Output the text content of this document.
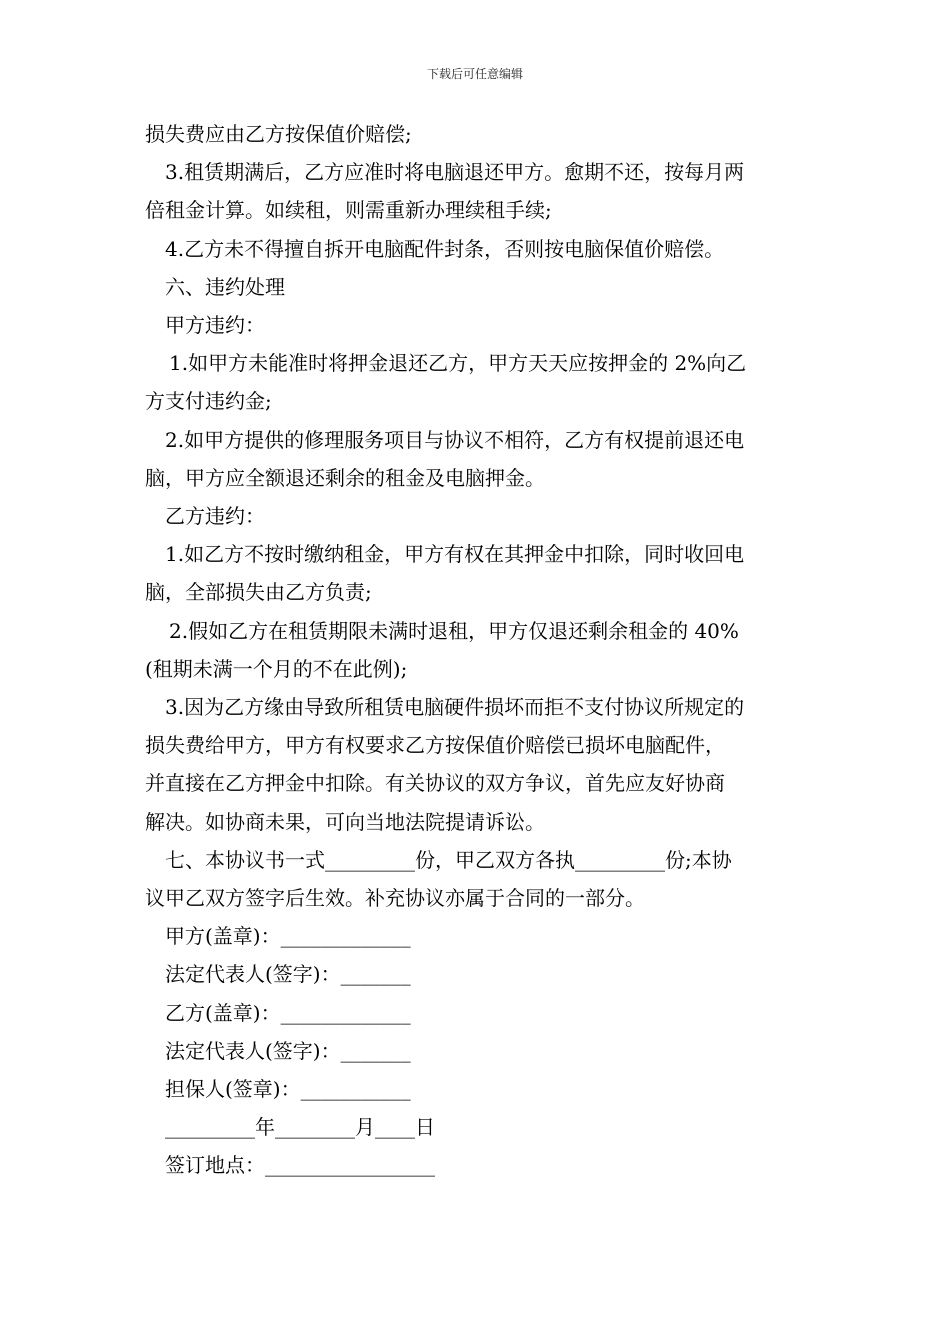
下载后可任意编辑

损失费应由乙方按保值价赔偿;

3.租赁期满后，乙方应准时将电脑退还甲方。愈期不还，按每月两

倍租金计算。如续租，则需重新办理续租手续;

4.乙方未不得擅自拆开电脑配件封条，否则按电脑保值价赔偿。

六、违约处理

甲方违约：

1.如甲方未能准时将押金退还乙方，甲方天天应按押金的 2%向乙

方支付违约金;

2.如甲方提供的修理服务项目与协议不相符，乙方有权提前退还电

脑，甲方应全额退还剩余的租金及电脑押金。

乙方违约：

1.如乙方不按时缴纳租金，甲方有权在其押金中扣除，同时收回电

脑，全部损失由乙方负责;

2.假如乙方在租赁期限未满时退租，甲方仅退还剩余租金的 40%

(租期未满一个月的不在此例);

3.因为乙方缘由导致所租赁电脑硬件损坏而拒不支付协议所规定的

损失费给甲方，甲方有权要求乙方按保值价赔偿已损坏电脑配件，

并直接在乙方押金中扣除。有关协议的双方争议，首先应友好协商

解决。如协商未果，可向当地法院提请诉讼。

七、本协议书一式_________份，甲乙双方各执_________份;本协

议甲乙双方签字后生效。补充协议亦属于合同的一部分。

甲方(盖章)：_____________

法定代表人(签字)：_______

乙方(盖章)：_____________

法定代表人(签字)：_______

担保人(签章)：___________

_________年________月____日

签订地点：_________________
